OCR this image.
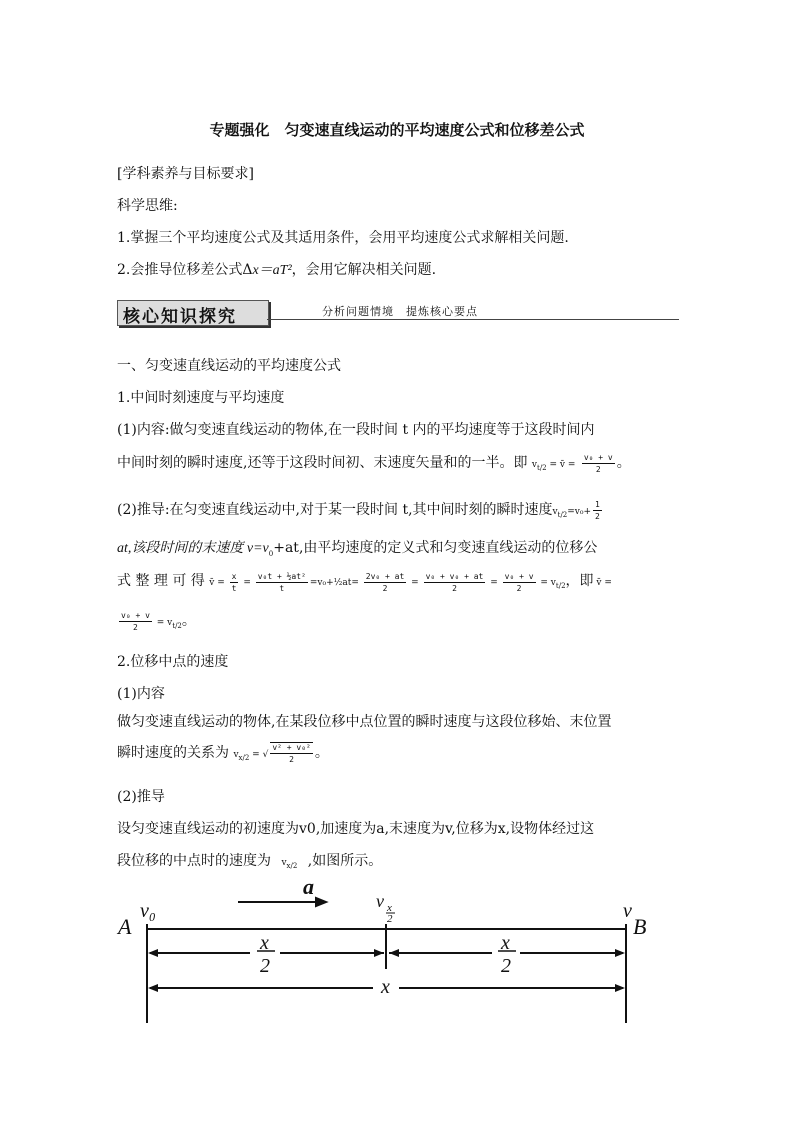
专题强化　匀变速直线运动的平均速度公式和位移差公式
[学科素养与目标要求]
科学思维:
1.掌握三个平均速度公式及其适用条件，会用平均速度公式求解相关问题.
2.会推导位移差公式Δx＝aT²，会用它解决相关问题.
核心知识探究	分析问题情境　提炼核心要点
一、匀变速直线运动的平均速度公式
1.中间时刻速度与平均速度
(1)内容:做匀变速直线运动的物体,在一段时间 t 内的平均速度等于这段时间内
中间时刻的瞬时速度,还等于这段时间初、末速度矢量和的一半。即 $v_{t/2}$ = v̄ = $\frac{\text{v₀ + v}}{2}$ 。
(2)推导:在匀变速直线运动中,对于某一段时间 t,其中间时刻的瞬时速度$v_{t/2}=v_0+ \frac{1}{2}$
at,该段时间的末速度 $v=v_0+at$,由平均速度的定义式和匀变速直线运动的位移公
式 整 理 可 得 v̄ = $\frac{x}{t} = \frac{\text{v₀t + ½at²}}{t}$ =v₀+½at= $\frac{\text{2v₀ + at}}{2} = \frac{\text{v₀ + v₀ + at}}{2} = \frac{\text{v₀ + v}}{2} = v_{t/2}$，即 v̄ =
$\frac{\text{v₀ + v}}{2} = v_{t/2}$。
2.位移中点的速度
(1)内容
做匀变速直线运动的物体,在某段位移中点位置的瞬时速度与这段位移始、末位置
瞬时速度的关系为 $v_{x/2}$ = √ $\frac{\text{v² + v₀²}}{2}$ 。
(2)推导
设匀变速直线运动的初速度为v0,加速度为a,末速度为v,位移为x,设物体经过这
段位移的中点时的速度为 $v_{x/2}$ ,如图所示。
A	B
v₀	v
a
v x
2
x
2
x
2
x
